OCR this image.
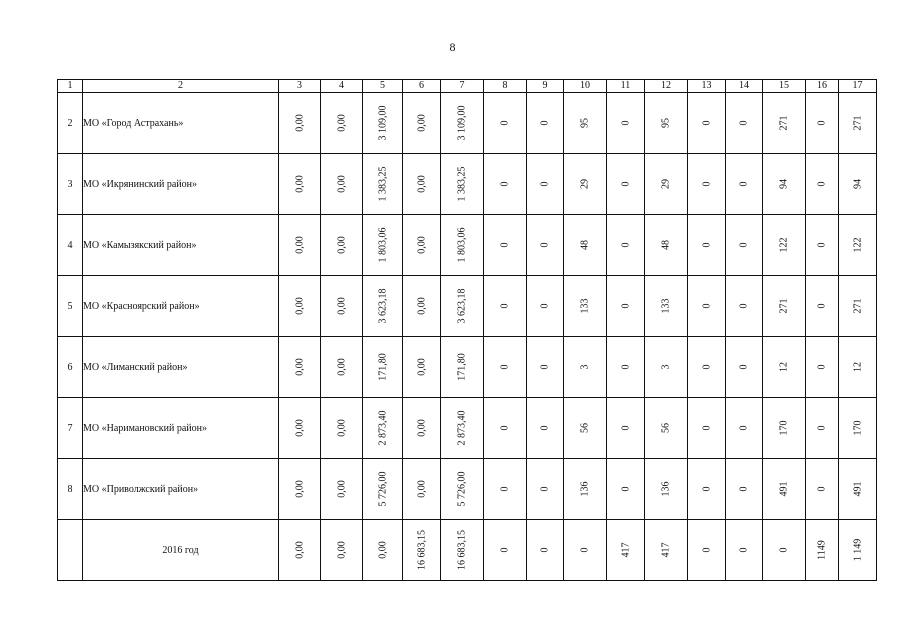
8
1	2	3	4	5	6	7	8	9	10	11	12	13	14	15	16	17
2	МО «Город Астрахань»	0,00	0,00	3 109,00	0,00	3 109,00	0	0	95	0	95	0	0	271	0	271

3	МО «Икрянинский район»	0,00	0,00	1 383,25	0,00	1 383,25	0	0	29	0	29	0	0	94	0	94

4	МО «Камызякский район»	0,00	0,00	1 803,06	0,00	1 803,06	0	0	48	0	48	0	0	122	0	122

5	МО «Красноярский район»	0,00	0,00	3 623,18	0,00	3 623,18	0	0	133	0	133	0	0	271	0	271

6	МО «Лиманский район»	0,00	0,00	171,80	0,00	171,80	0	0	3	0	3	0	0	12	0	12

7	МО «Наримановский район»	0,00	0,00	2 873,40	0,00	2 873,40	0	0	56	0	56	0	0	170	0	170

8	МО «Приволжский район»	0,00	0,00	5 726,00	0,00	5 726,00	0	0	136	0	136	0	0	491	0	491

	2016 год	0,00	0,00	0,00	16 683,15	16 683,15	0	0	0	417	417	0	0	0	1149	1 149
